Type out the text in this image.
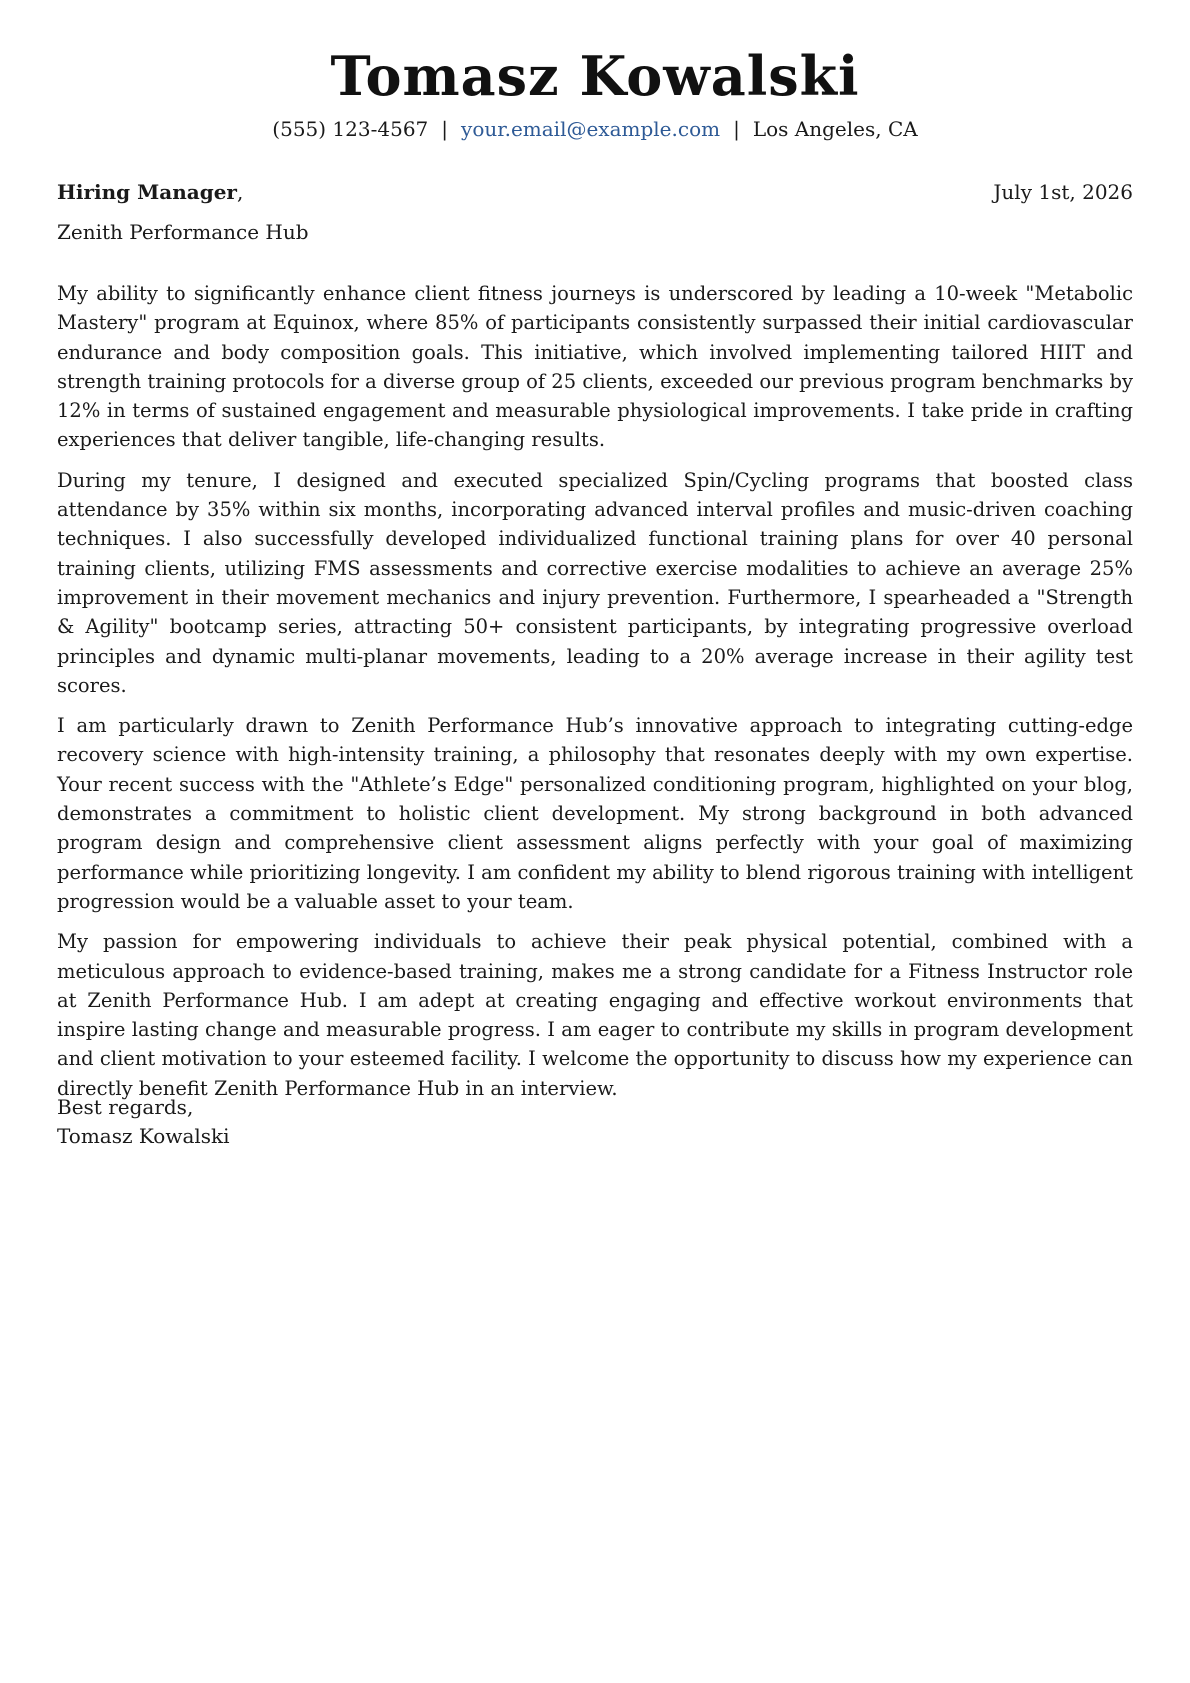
Tomasz Kowalski
(555) 123-4567 | your.email@example.com | Los Angeles, CA
Hiring Manager,	July 1st, 2026
Zenith Performance Hub

My ability to significantly enhance client fitness journeys is underscored by leading a 10-week "Metabolic Mastery" program at Equinox, where 85% of participants consistently surpassed their initial cardiovascular endurance and body composition goals. This initiative, which involved implementing tailored HIIT and strength training protocols for a diverse group of 25 clients, exceeded our previous program benchmarks by 12% in terms of sustained engagement and measurable physiological improvements. I take pride in crafting experiences that deliver tangible, life-changing results.

During my tenure, I designed and executed specialized Spin/Cycling programs that boosted class attendance by 35% within six months, incorporating advanced interval profiles and music-driven coaching techniques. I also successfully developed individualized functional training plans for over 40 personal training clients, utilizing FMS assessments and corrective exercise modalities to achieve an average 25% improvement in their movement mechanics and injury prevention. Furthermore, I spearheaded a "Strength & Agility" bootcamp series, attracting 50+ consistent participants, by integrating progressive overload principles and dynamic multi-planar movements, leading to a 20% average increase in their agility test scores.

I am particularly drawn to Zenith Performance Hub’s innovative approach to integrating cutting-edge recovery science with high-intensity training, a philosophy that resonates deeply with my own expertise. Your recent success with the "Athlete’s Edge" personalized conditioning program, highlighted on your blog, demonstrates a commitment to holistic client development. My strong background in both advanced program design and comprehensive client assessment aligns perfectly with your goal of maximizing performance while prioritizing longevity. I am confident my ability to blend rigorous training with intelligent progression would be a valuable asset to your team.

My passion for empowering individuals to achieve their peak physical potential, combined with a meticulous approach to evidence-based training, makes me a strong candidate for a Fitness Instructor role at Zenith Performance Hub. I am adept at creating engaging and effective workout environments that inspire lasting change and measurable progress. I am eager to contribute my skills in program development and client motivation to your esteemed facility. I welcome the opportunity to discuss how my experience can directly benefit Zenith Performance Hub in an interview.

Best regards,
Tomasz Kowalski
